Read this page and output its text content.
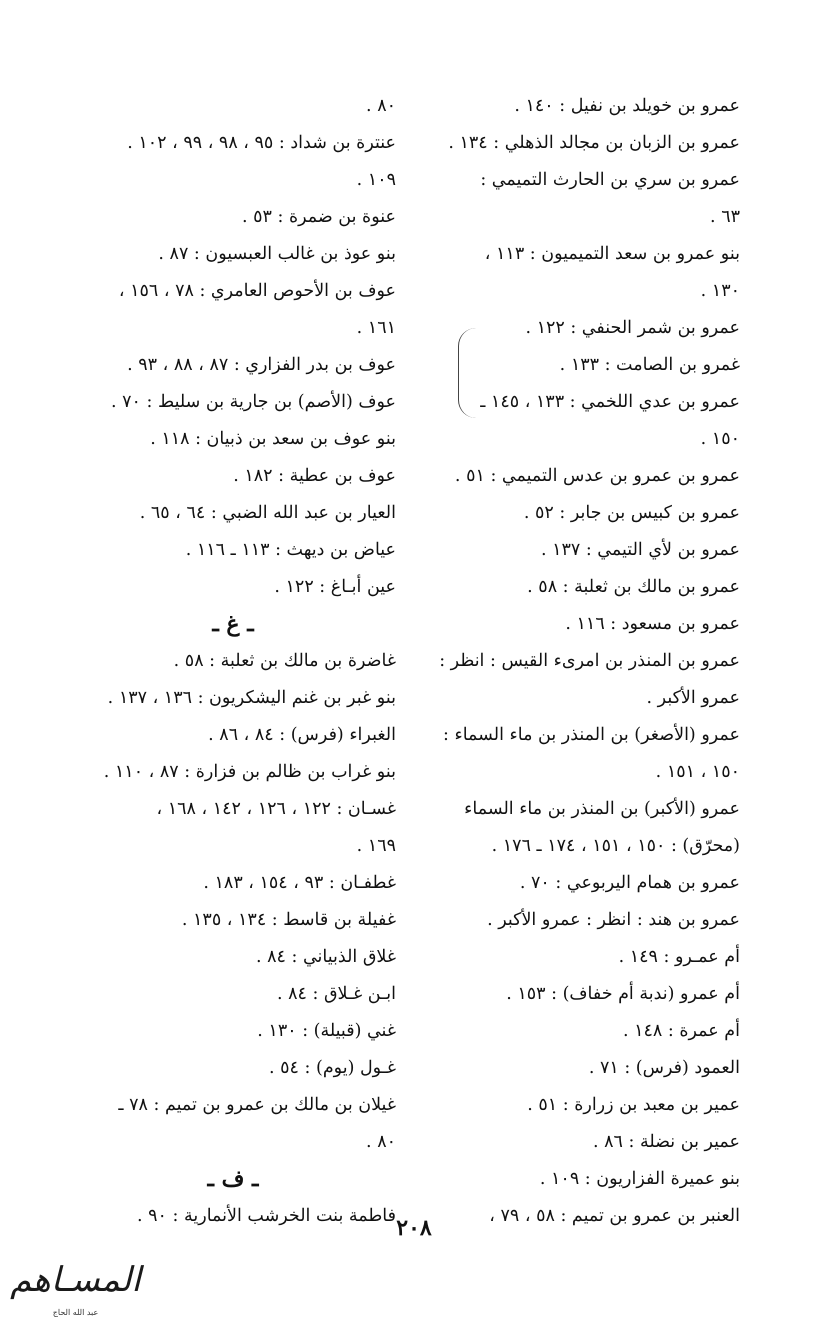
عمرو بن خويلد بن نفيل : ١٤٠ .
عمرو بن الزبان بن مجالد الذهلي : ١٣٤ .
عمرو بن سري بن الحارث التميمي :
٦٣ .
بنو عمرو بن سعد التميميون : ١١٣ ،
١٣٠ .
عمرو بن شمر الحنفي : ١٢٢ .
غمرو بن الصامت : ١٣٣ .
عمرو بن عدي اللخمي : ١٣٣ ، ١٤٥ ـ
١٥٠ .
عمرو بن عمرو بن عدس التميمي : ٥١ .
عمرو بن كبيس بن جابر : ٥٢ .
عمرو بن لأي التيمي : ١٣٧ .
عمرو بن مالك بن ثعلبة : ٥٨ .
عمرو بن مسعود : ١١٦ .
عمرو بن المنذر بن امرىء القيس : انظر :
عمرو الأكبر .
عمرو (الأصغر) بن المنذر بن ماء السماء :
١٥٠ ، ١٥١ .
عمرو (الأكبر) بن المنذر بن ماء السماء
(محرّق) : ١٥٠ ، ١٥١ ، ١٧٤ ـ ١٧٦ .
عمرو بن همام اليربوعي : ٧٠ .
عمرو بن هند : انظر : عمرو الأكبر .
أم عمـرو : ١٤٩ .
أم عمرو (ندبة أم خفاف) : ١٥٣ .
أم عمرة : ١٤٨ .
العمود (فرس) : ٧١ .
عمير بن معبد بن زرارة : ٥١ .
عمير بن نضلة : ٨٦ .
بنو عميرة الفزاريون : ١٠٩ .
العنبر بن عمرو بن تميم : ٥٨ ، ٧٩ ،
٨٠ .
عنترة بن شداد : ٩٥ ، ٩٨ ، ٩٩ ، ١٠٢ .
١٠٩ .
عنوة بن ضمرة : ٥٣ .
بنو عوذ بن غالب العبسيون : ٨٧ .
عوف بن الأحوص العامري : ٧٨ ، ١٥٦ ،
١٦١ .
عوف بن بدر الفزاري : ٨٧ ، ٨٨ ، ٩٣ .
عوف (الأصم) بن جارية بن سليط : ٧٠ .
بنو عوف بن سعد بن ذبيان : ١١٨ .
عوف بن عطية : ١٨٢ .
العيار بن عبد الله الضبي : ٦٤ ، ٦٥ .
عياض بن ديهث : ١١٣ ـ ١١٦ .
عين أبـاغ : ١٢٢ .
ـ غ ـ
غاضرة بن مالك بن ثعلبة : ٥٨ .
بنو غبر بن غنم اليشكريون : ١٣٦ ، ١٣٧ .
الغبراء (فرس) : ٨٤ ، ٨٦ .
بنو غراب بن ظالم بن فزارة : ٨٧ ، ١١٠ .
غسـان : ١٢٢ ، ١٢٦ ، ١٤٢ ، ١٦٨ ،
١٦٩ .
غطفـان : ٩٣ ، ١٥٤ ، ١٨٣ .
غفيلة بن قاسط : ١٣٤ ، ١٣٥ .
غلاق الذبياني : ٨٤ .
ابـن غـلاق : ٨٤ .
غني (قبيلة) : ١٣٠ .
غـول (يوم) : ٥٤ .
غيلان بن مالك بن عمرو بن تميم : ٧٨ ـ
٨٠ .
ـ ف ـ
فاطمة بنت الخرشب الأنمارية : ٩٠ . ٢٠٨
المسـاهم
عبد الله الحاج
